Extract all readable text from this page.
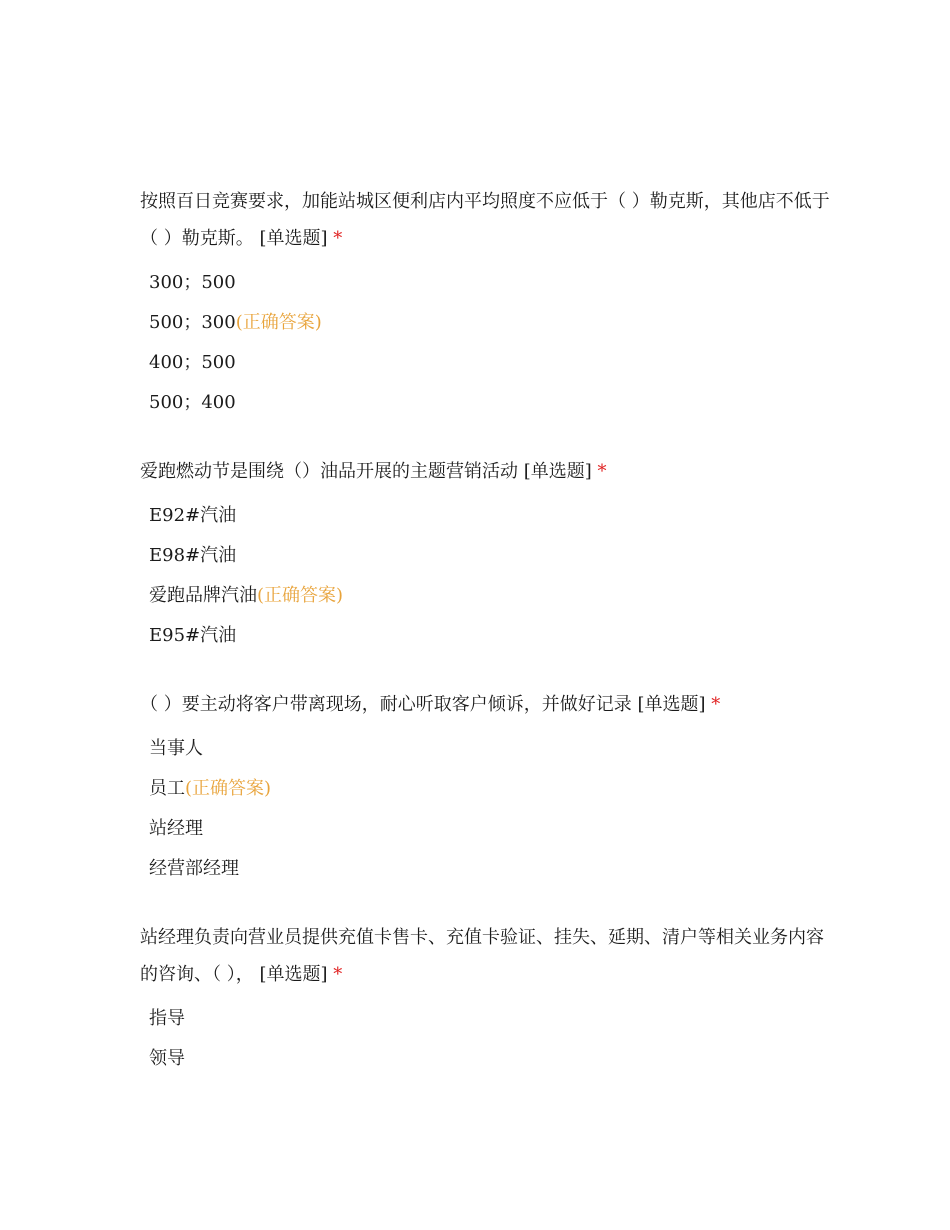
按照百日竞赛要求，加能站城区便利店内平均照度不应低于（ ）勒克斯，其他店不低于（ ）勒克斯。 [单选题] *

300；500
500；300(正确答案)
400；500
500；400

爱跑燃动节是围绕（）油品开展的主题营销活动 [单选题] *

E92#汽油
E98#汽油
爱跑品牌汽油(正确答案)
E95#汽油

（ ）要主动将客户带离现场，耐心听取客户倾诉，并做好记录 [单选题] *

当事人
员工(正确答案)
站经理
经营部经理

站经理负责向营业员提供充值卡售卡、充值卡验证、挂失、延期、清户等相关业务内容的咨询、（ ）， [单选题] *

指导
领导
